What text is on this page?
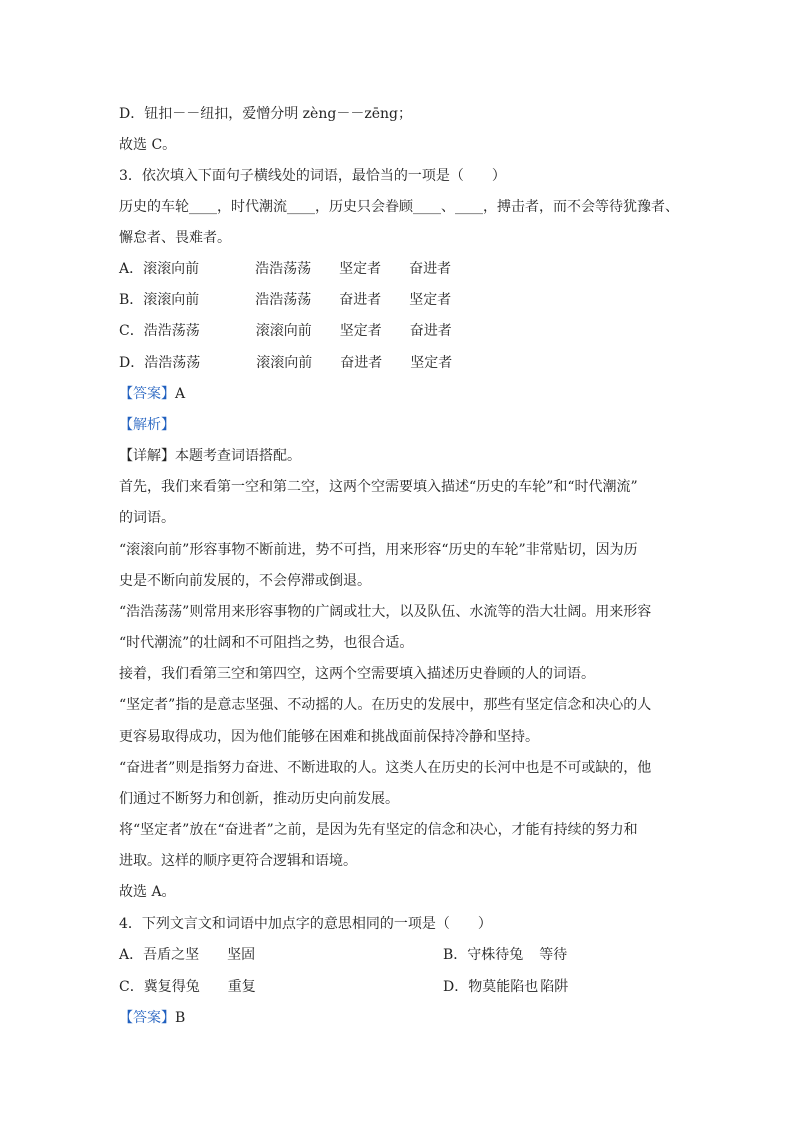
D．钮扣－－纽扣，爱憎分明 zèng－－zēng；
故选 C。
3．依次填入下面句子横线处的词语，最恰当的一项是（　　）
历史的车轮____，时代潮流____，历史只会眷顾____、____，搏击者，而不会等待犹豫者、
懈怠者、畏难者。
A．滚滚向前	浩浩荡荡 坚定者 奋进者
B．滚滚向前	浩浩荡荡 奋进者 坚定者
C．浩浩荡荡	滚滚向前 坚定者 奋进者
D．浩浩荡荡	滚滚向前 奋进者 坚定者
【答案】A
【解析】
【详解】本题考查词语搭配。
首先，我们来看第一空和第二空，这两个空需要填入描述“历史的车轮”和“时代潮流”
的词语。
“滚滚向前”形容事物不断前进，势不可挡，用来形容“历史的车轮”非常贴切，因为历
史是不断向前发展的，不会停滞或倒退。
“浩浩荡荡”则常用来形容事物的广阔或壮大，以及队伍、水流等的浩大壮阔。用来形容
“时代潮流”的壮阔和不可阻挡之势，也很合适。
接着，我们看第三空和第四空，这两个空需要填入描述历史眷顾的人的词语。
“坚定者”指的是意志坚强、不动摇的人。在历史的发展中，那些有坚定信念和决心的人
更容易取得成功，因为他们能够在困难和挑战面前保持冷静和坚持。
“奋进者”则是指努力奋进、不断进取的人。这类人在历史的长河中也是不可或缺的，他
们通过不断努力和创新，推动历史向前发展。
将“坚定者”放在“奋进者”之前，是因为先有坚定的信念和决心，才能有持续的努力和
进取。这样的顺序更符合逻辑和语境。
故选 A。
4．下列文言文和词语中加点字的意思相同的一项是（　　）
A．吾盾之坚 坚固	B．守株待兔 等待
C．冀复得兔 重复	D．物莫能陷也 陷阱
【答案】B
